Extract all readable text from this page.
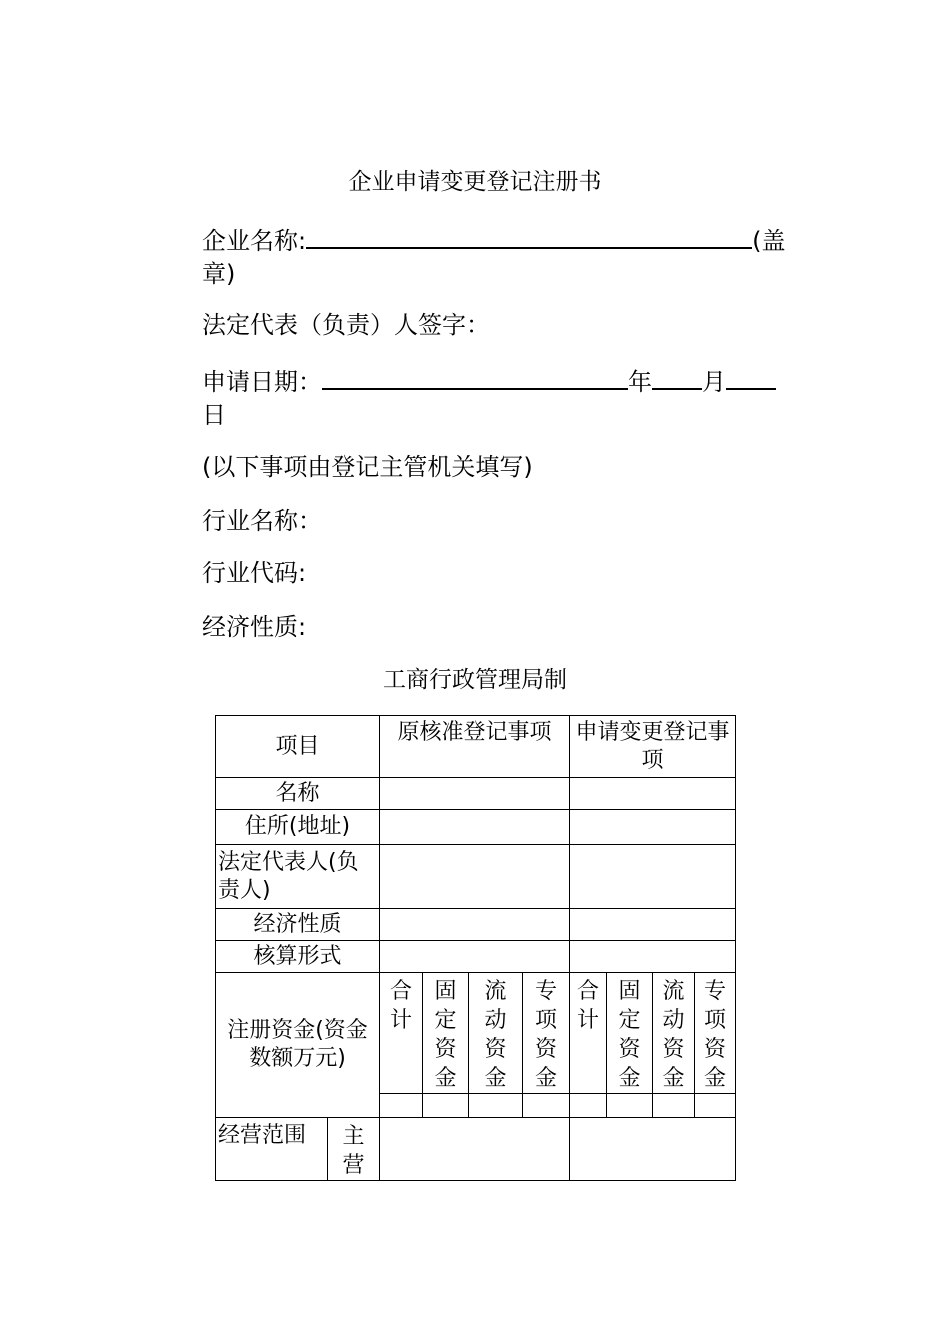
企业申请变更登记注册书
企业名称:	(盖
章)
法定代表（负责）人签字：
申请日期：	年 月
日
(以下事项由登记主管机关填写)
行业名称：
行业代码:
经济性质:
工商行政管理局制
项目		原核准登记事项				申请变更登记事项			
名称									
住所(地址)									
法定代表人(负责人)									
经济性质									
核算形式									
注册资金(资金数额万元)		合计	固定资金	流动资金	专项资金	合计	固定资金	流动资金	专项资金

经营范围	主营								
